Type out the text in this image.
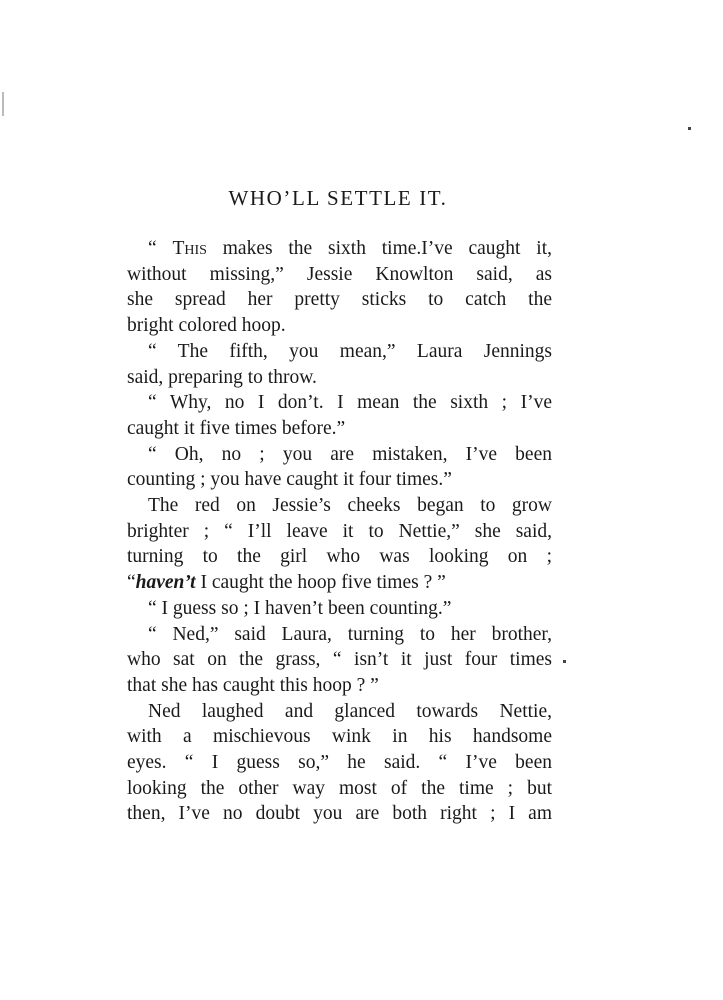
WHO’LL SETTLE IT.
“ This makes the sixth time.I’ve caught it,
without missing,” Jessie Knowlton said, as
she spread her pretty sticks to catch the
bright colored hoop.
“ The fifth, you mean,” Laura Jennings
said, preparing to throw.
“ Why, no I don’t. I mean the sixth ; I’ve
caught it five times before.”
“ Oh, no ; you are mistaken, I’ve been
counting ; you have caught it four times.”
The red on Jessie’s cheeks began to grow
brighter ; “ I’ll leave it to Nettie,” she said,
turning to the girl who was looking on ;
“haven’t I caught the hoop five times ? ”
“ I guess so ; I haven’t been counting.”
“ Ned,” said Laura, turning to her brother,
who sat on the grass, “ isn’t it just four times
that she has caught this hoop ? ”
Ned laughed and glanced towards Nettie,
with a mischievous wink in his handsome
eyes. “ I guess so,” he said. “ I’ve been
looking the other way most of the time ; but
then, I’ve no doubt you are both right ; I am
